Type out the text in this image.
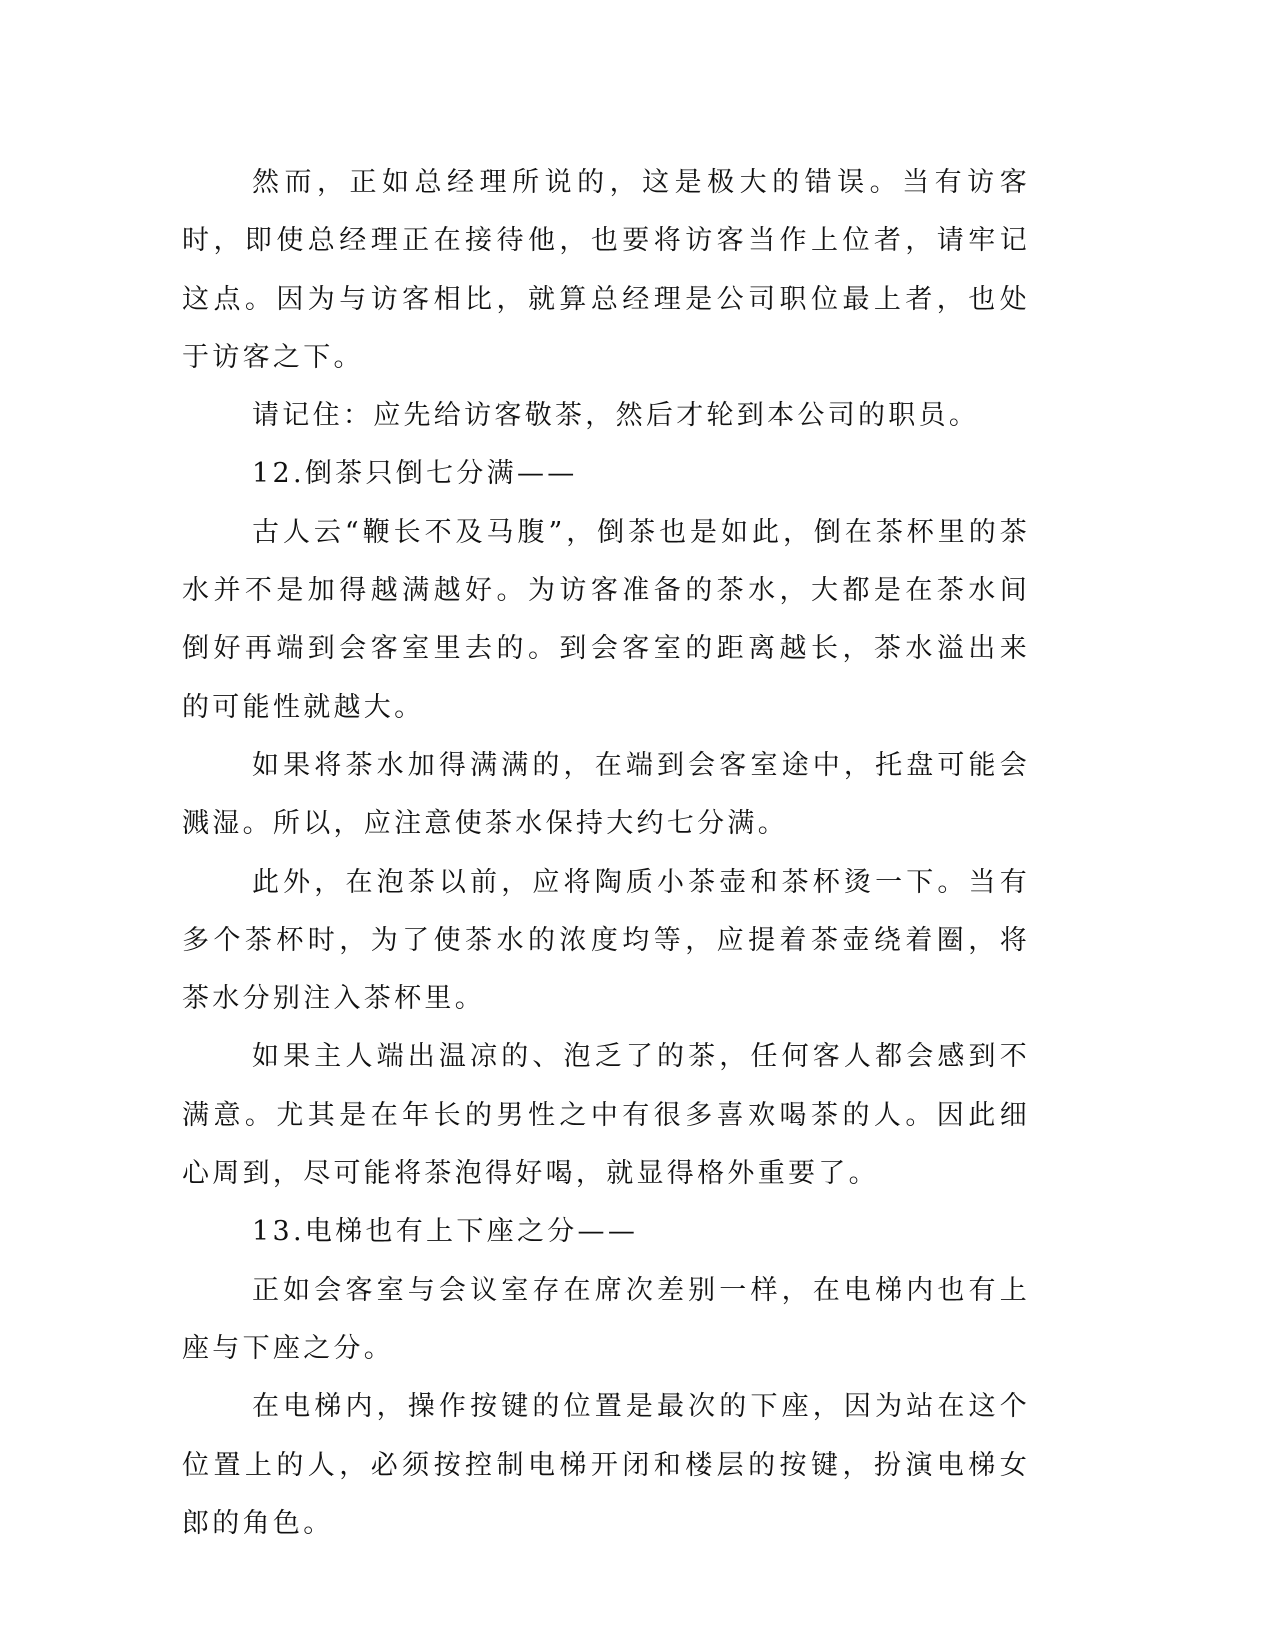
然而，正如总经理所说的，这是极大的错误。当有访客时，即使总经理正在接待他，也要将访客当作上位者，请牢记这点。因为与访客相比，就算总经理是公司职位最上者，也处于访客之下。

请记住：应先给访客敬茶，然后才轮到本公司的职员。

12.倒茶只倒七分满——

古人云“鞭长不及马腹”，倒茶也是如此，倒在茶杯里的茶水并不是加得越满越好。为访客准备的茶水，大都是在茶水间倒好再端到会客室里去的。到会客室的距离越长，茶水溢出来的可能性就越大。

如果将茶水加得满满的，在端到会客室途中，托盘可能会溅湿。所以，应注意使茶水保持大约七分满。

此外，在泡茶以前，应将陶质小茶壶和茶杯烫一下。当有多个茶杯时，为了使茶水的浓度均等，应提着茶壶绕着圈，将茶水分别注入茶杯里。

如果主人端出温凉的、泡乏了的茶，任何客人都会感到不满意。尤其是在年长的男性之中有很多喜欢喝茶的人。因此细心周到，尽可能将茶泡得好喝，就显得格外重要了。

13.电梯也有上下座之分——

正如会客室与会议室存在席次差别一样，在电梯内也有上座与下座之分。

在电梯内，操作按键的位置是最次的下座，因为站在这个位置上的人，必须按控制电梯开闭和楼层的按键，扮演电梯女郎的角色。
